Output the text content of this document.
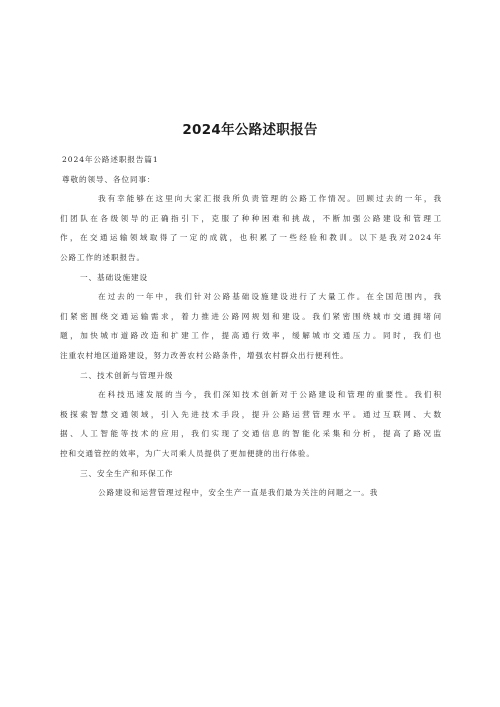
2024年公路述职报告
2024年公路述职报告篇1
尊敬的领导、各位同事：
我有幸能够在这里向大家汇报我所负责管理的公路工作情况。回顾过去的一年，我
们团队在各级领导的正确指引下，克服了种种困难和挑战，不断加强公路建设和管理工
作，在交通运输领域取得了一定的成就，也积累了一些经验和教训。以下是我对2024年
公路工作的述职报告。
一、基础设施建设
在过去的一年中，我们针对公路基础设施建设进行了大量工作。在全国范围内，我
们紧密围绕交通运输需求，着力推进公路网规划和建设。我们紧密围绕城市交通拥堵问
题，加快城市道路改造和扩建工作，提高通行效率，缓解城市交通压力。同时，我们也
注重农村地区道路建设，努力改善农村公路条件，增强农村群众出行便利性。
二、技术创新与管理升级
在科技迅速发展的当今，我们深知技术创新对于公路建设和管理的重要性。我们积
极探索智慧交通领域，引入先进技术手段，提升公路运营管理水平。通过互联网、大数
据、人工智能等技术的应用，我们实现了交通信息的智能化采集和分析，提高了路况监
控和交通管控的效率，为广大司乘人员提供了更加便捷的出行体验。
三、安全生产和环保工作
公路建设和运营管理过程中，安全生产一直是我们最为关注的问题之一。我
